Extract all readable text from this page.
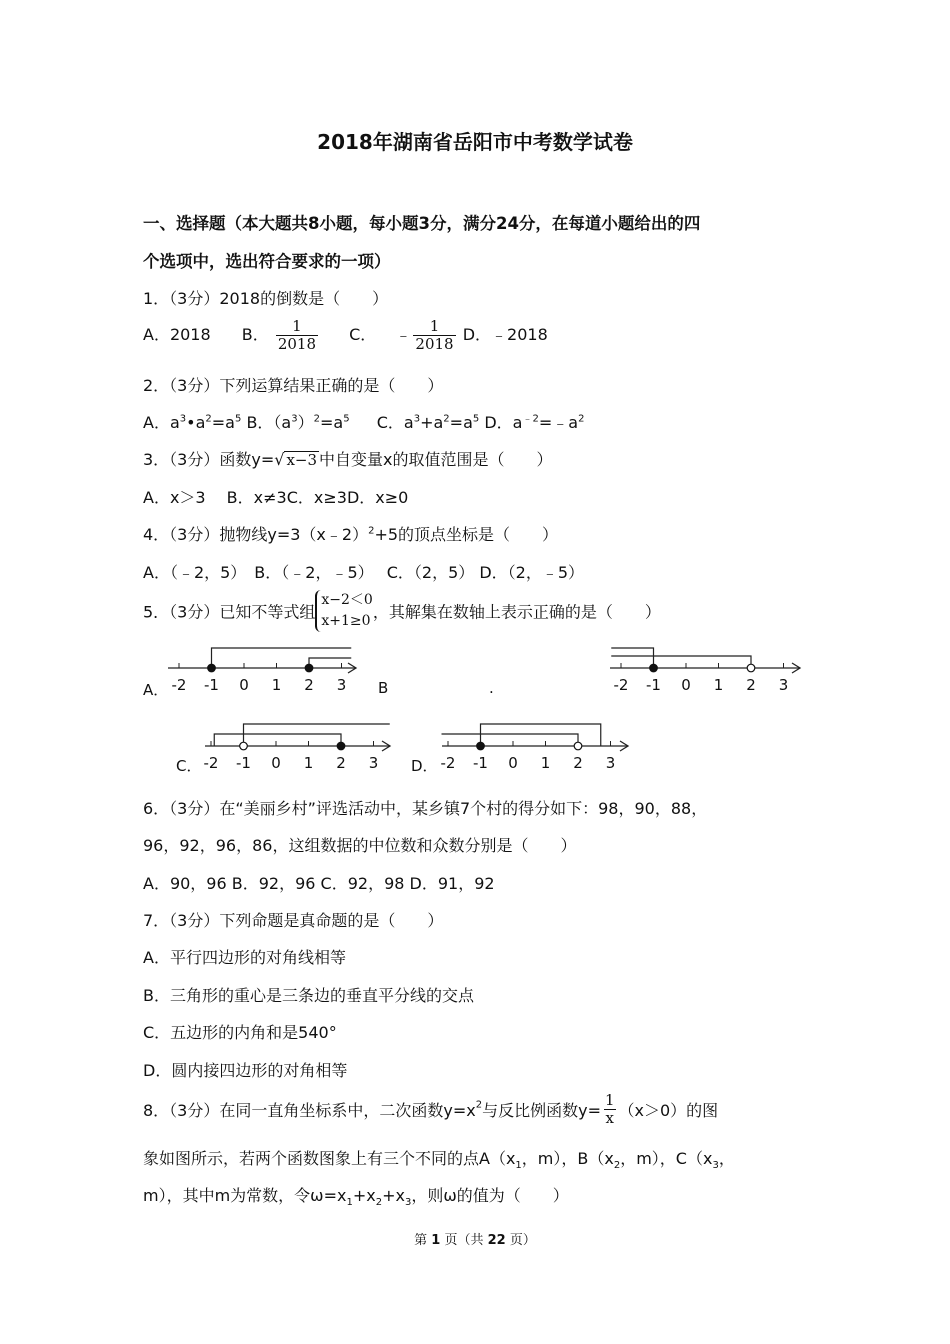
2018年湖南省岳阳市中考数学试卷
一、选择题（本大题共8小题，每小题3分，满分24分，在每道小题给出的四
个选项中，选出符合要求的一项）
1．（3分）2018的倒数是（　　）
A．2018 B． $\frac{1}{2018}$ C． ﹣ $\frac{1}{2018}$ D．﹣2018
2．（3分）下列运算结果正确的是（　　）
A．$a^3•a^2=a^5$ B．$(a^3)^2=a^5$ C．$a^3+a^2=a^5$ D．$a^{﹣2}=﹣a^2$
3．（3分）函数y=√ x−3 中自变量x的取值范围是（　　）
A．x＞3　 B．x≠3C．x≥3D．x≥0
4．（3分）抛物线y=3（x﹣2）$^2$+5的顶点坐标是（　　）
A．（﹣2，5）　B．（﹣2，﹣5）　 C．（2，5） D．（2，﹣5）
5．（3分）已知不等式组x−2＜0
x+1≥0 ，其解集在数轴上表示正确的是（　　）
A．	B	.
C．	D．
-2 -1 0 1 2 3	-2 -1 0 1 2 3
-2 -1 0 1 2 3	-2 -1 0 1 2 3
6．（3分）在“美丽乡村”评选活动中，某乡镇7个村的得分如下：98，90，88，
96，92，96，86，这组数据的中位数和众数分别是（　　）
A．90，96 B．92，96 C．92，98 D．91，92
7．（3分）下列命题是真命题的是（　　）
A．平行四边形的对角线相等
B．三角形的重心是三条边的垂直平分线的交点
C．五边形的内角和是540°
D．圆内接四边形的对角相等
8．（3分）在同一直角坐标系中，二次函数$y=x^2$与反比例函数$y= \frac{1}{x} (x>0)$的图
象如图所示，若两个函数图象上有三个不同的点$A(x_1$，m），$B(x_2$，m），$C(x_3$，
m），其中m为常数，令$\omega=x_1+x_2+x_3$，则ω的值为（　　）
第 1 页（共 22 页）
